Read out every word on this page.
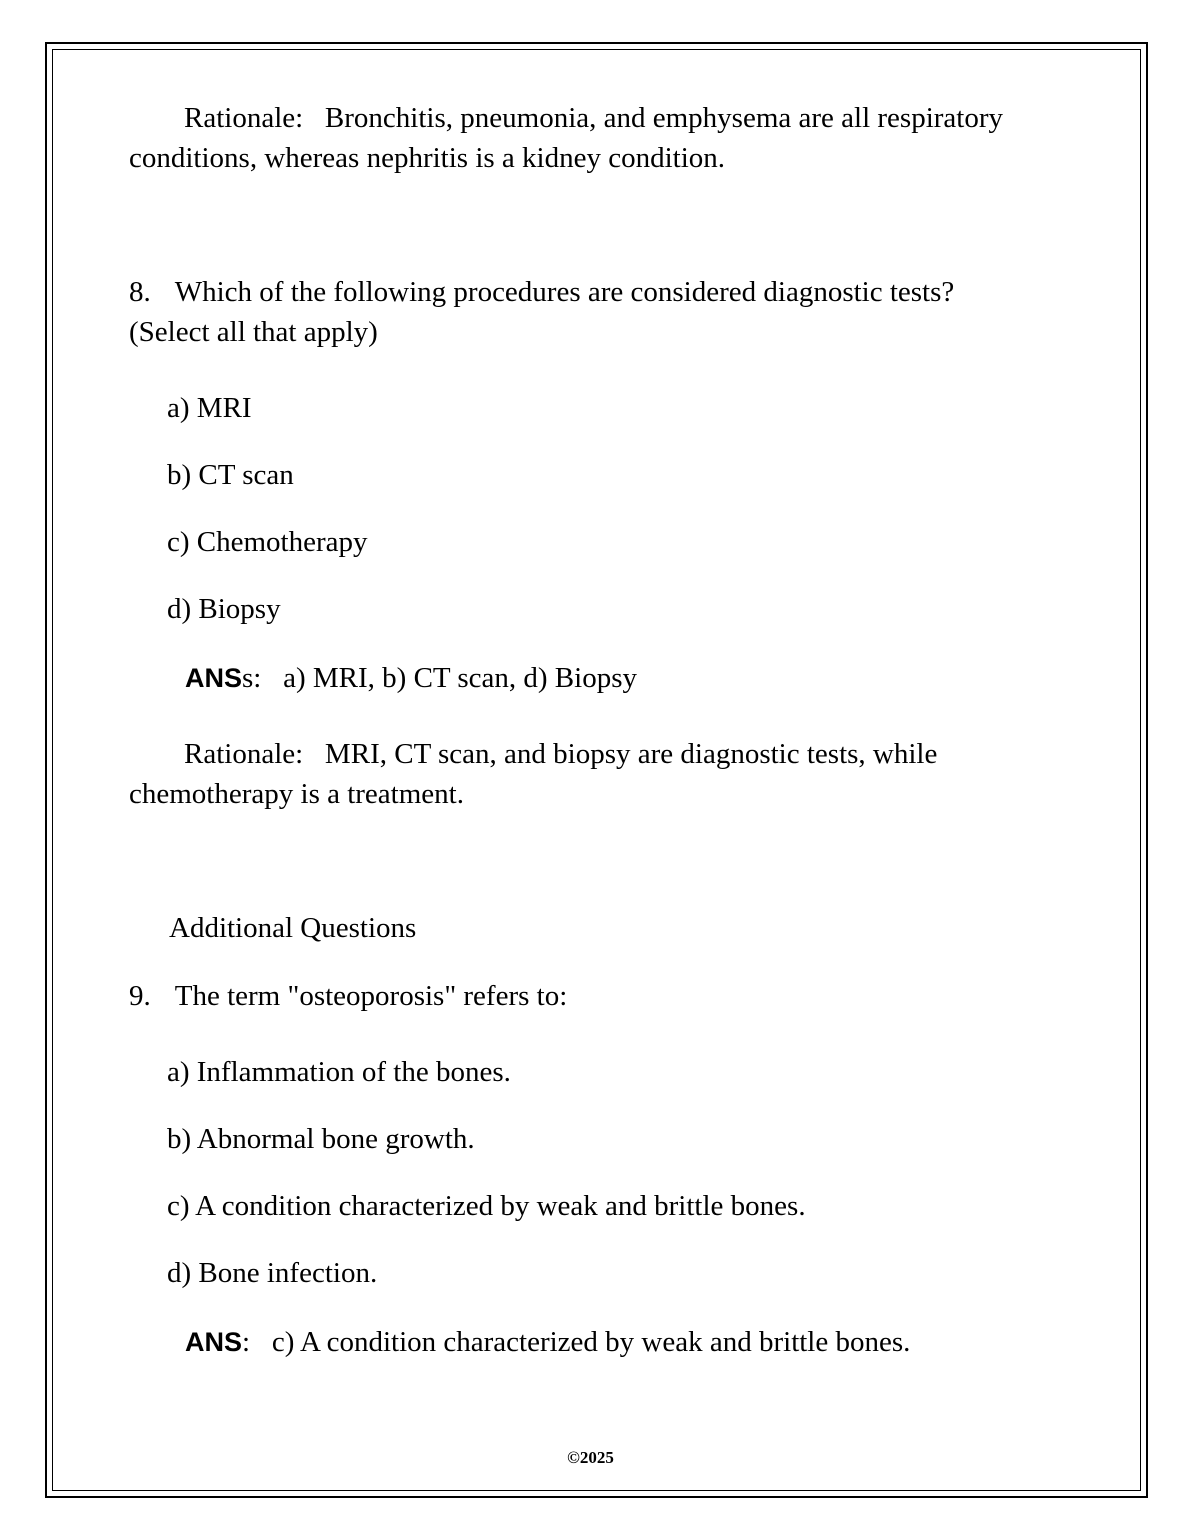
Rationale:   Bronchitis, pneumonia, and emphysema are all respiratory conditions, whereas nephritis is a kidney condition.

8. Which of the following procedures are considered diagnostic tests?   (Select all that apply)

a) MRI

b) CT scan

c) Chemotherapy

d) Biopsy

ANSs:   a) MRI, b) CT scan, d) Biopsy

Rationale:   MRI, CT scan, and biopsy are diagnostic tests, while chemotherapy is a treatment.

Additional Questions

9. The term "osteoporosis" refers to:

a) Inflammation of the bones.

b) Abnormal bone growth.

c) A condition characterized by weak and brittle bones.

d) Bone infection.

ANS:   c) A condition characterized by weak and brittle bones.

©2025
